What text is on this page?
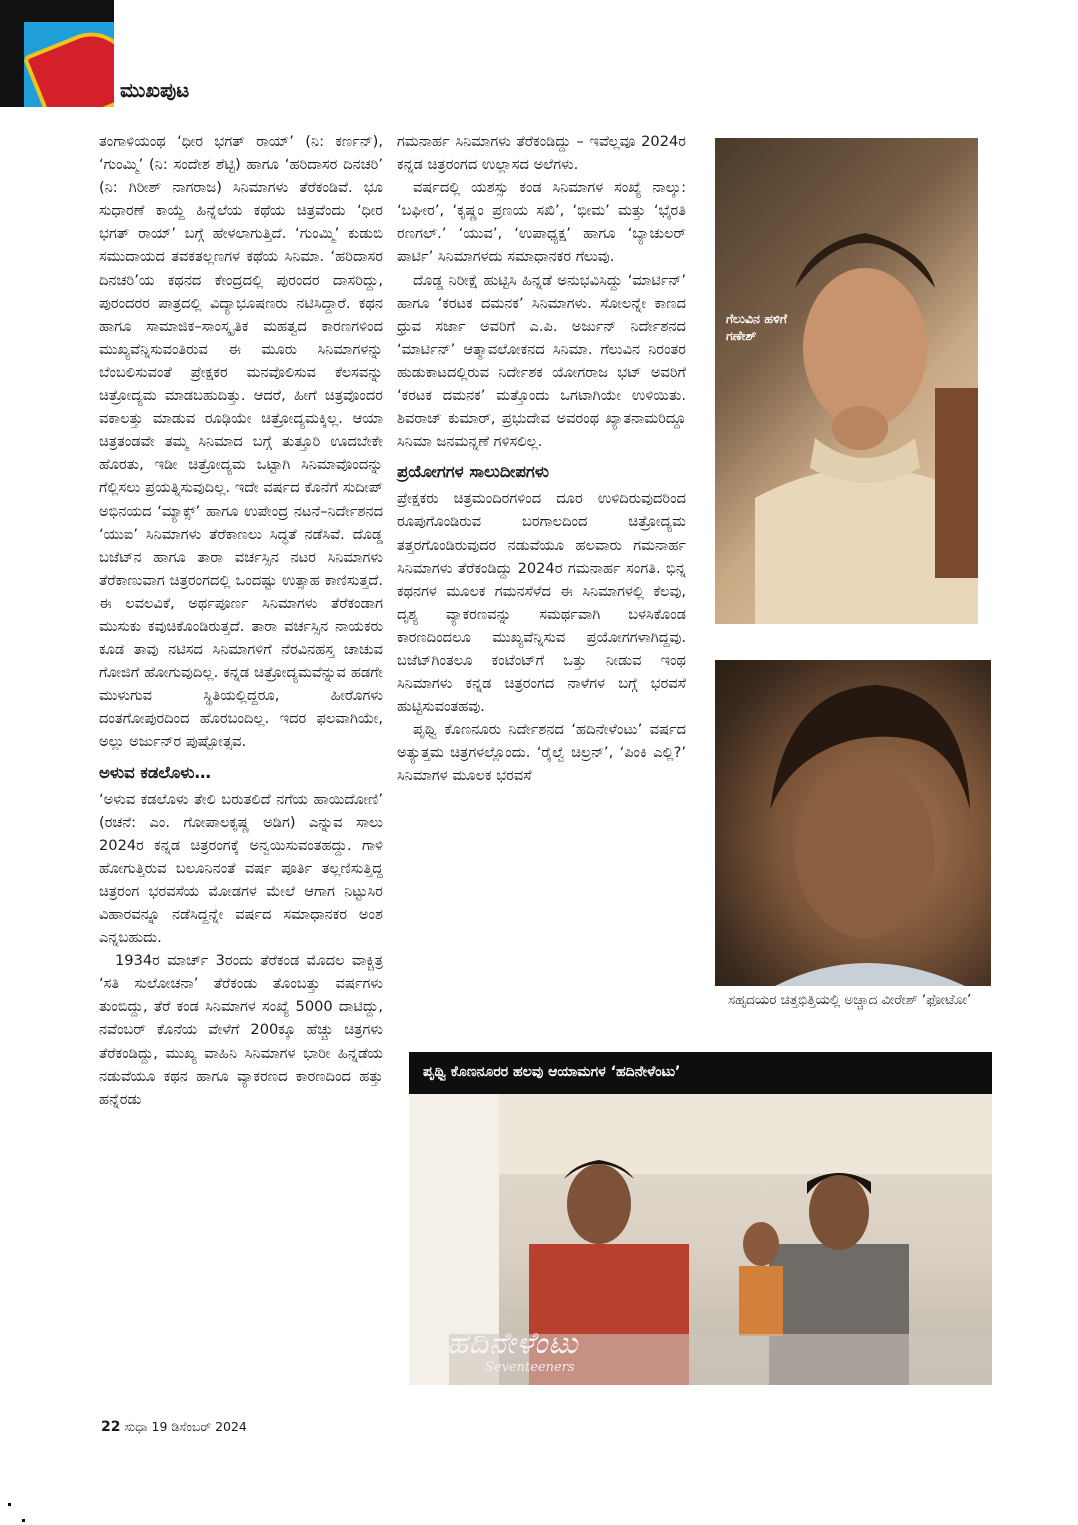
ಮುಖಪುಟ

ತಂಗಾಳಿಯಂಥ ‘ಧೀರ ಭಗತ್ ರಾಯ್’ (ನಿ: ಕರ್ಣನ್), ‘ಗುಂಮ್ಮಿ’ (ನಿ: ಸಂದೇಶ ಶೆಟ್ಟಿ) ಹಾಗೂ ‘ಹರಿದಾಸರ ದಿನಚರಿ’ (ನಿ: ಗಿರೀಶ್ ನಾಗರಾಜ) ಸಿನಿಮಾಗಳು ತೆರೆಕಂಡಿವೆ. ಭೂ ಸುಧಾರಣೆ ಕಾಯ್ದೆ ಹಿನ್ನೆಲೆಯ ಕಥೆಯ ಚಿತ್ರವೆಂದು ‘ಧೀರ ಭಗತ್ ರಾಯ್’ ಬಗ್ಗೆ ಹೇಳಲಾಗುತ್ತಿದೆ. ‘ಗುಂಮ್ಮಿ’ ಕುಡುಬಿ ಸಮುದಾಯದ ತವಕತಲ್ಲಣಗಳ ಕಥೆಯ ಸಿನಿಮಾ. ‘ಹರಿದಾಸರ ದಿನಚರಿ’ಯ ಕಥನದ ಕೇಂದ್ರದಲ್ಲಿ ಪುರಂದರ ದಾಸರಿದ್ದು, ಪುರಂದರರ ಪಾತ್ರದಲ್ಲಿ ವಿದ್ಯಾಭೂಷಣರು ನಟಿಸಿದ್ದಾರೆ. ಕಥನ ಹಾಗೂ ಸಾಮಾಜಿಕ–ಸಾಂಸ್ಕೃತಿಕ ಮಹತ್ವದ ಕಾರಣಗಳಿಂದ ಮುಖ್ಯವೆನ್ನಿಸುವಂತಿರುವ ಈ ಮೂರು ಸಿನಿಮಾಗಳನ್ನು ಬೆಂಬಲಿಸುವಂತೆ ಪ್ರೇಕ್ಷಕರ ಮನವೊಲಿಸುವ ಕೆಲಸವನ್ನು ಚಿತ್ರೋದ್ಯಮ ಮಾಡಬಹುದಿತ್ತು. ಆದರೆ, ಹೀಗೆ ಚಿತ್ರವೊಂದರ ವಕಾಲತ್ತು ಮಾಡುವ ರೂಢಿಯೇ ಚಿತ್ರೋದ್ಯಮಕ್ಕಿಲ್ಲ. ಆಯಾ ಚಿತ್ರತಂಡವೇ ತಮ್ಮ ಸಿನಿಮಾದ ಬಗ್ಗೆ ತುತ್ತೂರಿ ಊದಬೇಕೇ ಹೊರತು, ಇಡೀ ಚಿತ್ರೋದ್ಯಮ ಒಟ್ಟಾಗಿ ಸಿನಿಮಾವೊಂದನ್ನು ಗೆಲ್ಲಿಸಲು ಪ್ರಯತ್ನಿಸುವುದಿಲ್ಲ. ಇದೇ ವರ್ಷದ ಕೊನೆಗೆ ಸುದೀಪ್ ಅಭಿನಯದ ‘ಮ್ಯಾಕ್ಸ್’ ಹಾಗೂ ಉಪೇಂದ್ರ ನಟನೆ–ನಿರ್ದೇಶನದ ‘ಯುಐ’ ಸಿನಿಮಾಗಳು ತೆರೆಕಾಣಲು ಸಿದ್ಧತೆ ನಡೆಸಿವೆ. ದೊಡ್ಡ ಬಜೆಟ್‌ನ ಹಾಗೂ ತಾರಾ ವರ್ಚಸ್ಸಿನ ನಟರ ಸಿನಿಮಾಗಳು ತೆರೆಕಾಣುವಾಗ ಚಿತ್ರರಂಗದಲ್ಲಿ ಒಂದಷ್ಟು ಉತ್ಸಾಹ ಕಾಣಿಸುತ್ತದೆ. ಈ ಲವಲವಿಕೆ, ಅರ್ಥಪೂರ್ಣ ಸಿನಿಮಾಗಳು ತೆರೆಕಂಡಾಗ ಮುಸುಕು ಕವುಚಿಕೊಂಡಿರುತ್ತದೆ. ತಾರಾ ವರ್ಚಸ್ಸಿನ ನಾಯಕರು ಕೂಡ ತಾವು ನಟಿಸದ ಸಿನಿಮಾಗಳಿಗೆ ನೆರವಿನಹಸ್ತ ಚಾಚುವ ಗೋಜಿಗೆ ಹೋಗುವುದಿಲ್ಲ. ಕನ್ನಡ ಚಿತ್ರೋದ್ಯಮವೆನ್ನುವ ಹಡಗೇ ಮುಳುಗುವ ಸ್ಥಿತಿಯಲ್ಲಿದ್ದರೂ, ಹೀರೊಗಳು ದಂತಗೋಪುರದಿಂದ ಹೊರಬಂದಿಲ್ಲ. ಇದರ ಫಲವಾಗಿಯೇ, ಅಲ್ಲು ಅರ್ಜುನ್‌ರ ಪುಷ್ಪೋತ್ಸವ.

ಅಳುವ ಕಡಲೊಳು…

‘ಅಳುವ ಕಡಲೊಳು ತೇಲಿ ಬರುತಲಿದೆ ನಗೆಯ ಹಾಯಿದೋಣಿ’ (ರಚನೆ: ಎಂ. ಗೋಪಾಲಕೃಷ್ಣ ಅಡಿಗ) ಎನ್ನುವ ಸಾಲು 2024ರ ಕನ್ನಡ ಚಿತ್ರರಂಗಕ್ಕೆ ಅನ್ವಯಿಸುವಂತಹದ್ದು. ಗಾಳಿ ಹೋಗುತ್ತಿರುವ ಬಲೂನಿನಂತೆ ವರ್ಷ ಪೂರ್ತಿ ತಲ್ಲಣಿಸುತ್ತಿದ್ದ ಚಿತ್ರರಂಗ ಭರವಸೆಯ ಮೋಡಗಳ ಮೇಲೆ ಆಗಾಗ ನಿಟ್ಟುಸಿರ ವಿಹಾರವನ್ನೂ ನಡೆಸಿದ್ದನ್ನೇ ವರ್ಷದ ಸಮಾಧಾನಕರ ಅಂಶ ಎನ್ನಬಹುದು.

1934ರ ಮಾರ್ಚ್ 3ರಂದು ತೆರೆಕಂಡ ಮೊದಲ ವಾಕ್ಚಿತ್ರ ‘ಸತಿ ಸುಲೋಚನಾ’ ತೆರೆಕಂಡು ತೊಂಬತ್ತು ವರ್ಷಗಳು ತುಂಬಿದ್ದು, ತೆರೆ ಕಂಡ ಸಿನಿಮಾಗಳ ಸಂಖ್ಯೆ 5000 ದಾಟಿದ್ದು, ನವೆಂಬರ್ ಕೊನೆಯ ವೇಳೆಗೆ 200ಕ್ಕೂ ಹೆಚ್ಚು ಚಿತ್ರಗಳು ತೆರೆಕಂಡಿದ್ದು, ಮುಖ್ಯ ವಾಹಿನಿ ಸಿನಿಮಾಗಳ ಭಾರೀ ಹಿನ್ನಡೆಯ ನಡುವೆಯೂ ಕಥನ ಹಾಗೂ ವ್ಯಾಕರಣದ ಕಾರಣದಿಂದ ಹತ್ತು ಹನ್ನೆರಡು

ಗಮನಾರ್ಹ ಸಿನಿಮಾಗಳು ತೆರೆಕಂಡಿದ್ದು – ಇವೆಲ್ಲವೂ 2024ರ ಕನ್ನಡ ಚಿತ್ರರಂಗದ ಉಲ್ಲಾಸದ ಅಲೆಗಳು.

ವರ್ಷದಲ್ಲಿ ಯಶಸ್ಸು ಕಂಡ ಸಿನಿಮಾಗಳ ಸಂಖ್ಯೆ ನಾಲ್ಕು: ‘ಬಘೀರ’, ‘ಕೃಷ್ಣಂ ಪ್ರಣಯ ಸಖಿ’, ‘ಭೀಮ’ ಮತ್ತು ‘ಭೈರತಿ ರಣಗಲ್.’ ‘ಯುವ’, ‘ಉಪಾಧ್ಯಕ್ಷ’ ಹಾಗೂ ‘ಬ್ಯಾಚುಲರ್ ಪಾರ್ಟಿ’ ಸಿನಿಮಾಗಳದು ಸಮಾಧಾನಕರ ಗೆಲುವು.

ದೊಡ್ಡ ನಿರೀಕ್ಷೆ ಹುಟ್ಟಿಸಿ ಹಿನ್ನಡೆ ಅನುಭವಿಸಿದ್ದು ‘ಮಾರ್ಟಿನ್’ ಹಾಗೂ ‘ಕರಟಕ ದಮನಕ’ ಸಿನಿಮಾಗಳು. ಸೋಲನ್ನೇ ಕಾಣದ ಧ್ರುವ ಸರ್ಜಾ ಅವರಿಗೆ ಎ.ಪಿ. ಅರ್ಜುನ್ ನಿರ್ದೇಶನದ ‘ಮಾರ್ಟಿನ್’ ಆತ್ಮಾವಲೋಕನದ ಸಿನಿಮಾ. ಗೆಲುವಿನ ನಿರಂತರ ಹುಡುಕಾಟದಲ್ಲಿರುವ ನಿರ್ದೇಶಕ ಯೋಗರಾಜ ಭಟ್ ಅವರಿಗೆ ‘ಕರಟಕ ದಮನಕ’ ಮತ್ತೊಂದು ಒಗಟಾಗಿಯೇ ಉಳಿಯಿತು. ಶಿವರಾಜ್ ಕುಮಾರ್, ಪ್ರಭುದೇವ ಅವರಂಥ ಖ್ಯಾತನಾಮರಿದ್ದೂ ಸಿನಿಮಾ ಜನಮನ್ನಣೆ ಗಳಿಸಲಿಲ್ಲ.

ಪ್ರಯೋಗಗಳ ಸಾಲುದೀಪಗಳು

ಪ್ರೇಕ್ಷಕರು ಚಿತ್ರಮಂದಿರಗಳಿಂದ ದೂರ ಉಳಿದಿರುವುದರಿಂದ ರೂಪುಗೊಂಡಿರುವ ಬರಗಾಲದಿಂದ ಚಿತ್ರೋದ್ಯಮ ತತ್ತರಗೊಂಡಿರುವುದರ ನಡುವೆಯೂ ಹಲವಾರು ಗಮನಾರ್ಹ ಸಿನಿಮಾಗಳು ತೆರೆಕಂಡಿದ್ದು 2024ರ ಗಮನಾರ್ಹ ಸಂಗತಿ. ಭಿನ್ನ ಕಥನಗಳ ಮೂಲಕ ಗಮನಸೆಳೆದ ಈ ಸಿನಿಮಾಗಳಲ್ಲಿ ಕೆಲವು, ದೃಶ್ಯ ವ್ಯಾಕರಣವನ್ನು ಸಮರ್ಥವಾಗಿ ಬಳಸಿಕೊಂಡ ಕಾರಣದಿಂದಲೂ ಮುಖ್ಯವೆನ್ನಿಸುವ ಪ್ರಯೋಗಗಳಾಗಿದ್ದವು. ಬಜೆಟ್‌ಗಿಂತಲೂ ಕಂಟೆಂಟ್‌ಗೆ ಒತ್ತು ನೀಡುವ ಇಂಥ ಸಿನಿಮಾಗಳು ಕನ್ನಡ ಚಿತ್ರರಂಗದ ನಾಳೆಗಳ ಬಗ್ಗೆ ಭರವಸೆ ಹುಟ್ಟಿಸುವಂತಹವು.

ಪೃಥ್ವಿ ಕೊಣನೂರು ನಿರ್ದೇಶನದ ‘ಹದಿನೇಳೆಂಟು’ ವರ್ಷದ ಅತ್ಯುತ್ತಮ ಚಿತ್ರಗಳಲ್ಲೊಂದು. ‘ರೈಲ್ವೆ ಚಿಲ್ರನ್’, ‘ಪಿಂಕಿ ಎಲ್ಲಿ?’ ಸಿನಿಮಾಗಳ ಮೂಲಕ ಭರವಸೆ

ಗೆಲುವಿನ ಹಳಿಗೆ ಗಣೇಶ್
ಸಹೃದಯರ ಚಿತ್ತಭಿತ್ತಿಯಲ್ಲಿ ಅಚ್ಚಾದ ವೀರೇಶ್ ‘ಫೋಟೋ’
ಪೃಥ್ವಿ ಕೊಣನೂರರ ಹಲವು ಆಯಾಮಗಳ ‘ಹದಿನೇಳೆಂಟು’
ಹದಿನೇಳೆಂಟು
Seventeeners
22 ಸುಧಾ 19 ಡಿಸೆಂಬರ್ 2024
